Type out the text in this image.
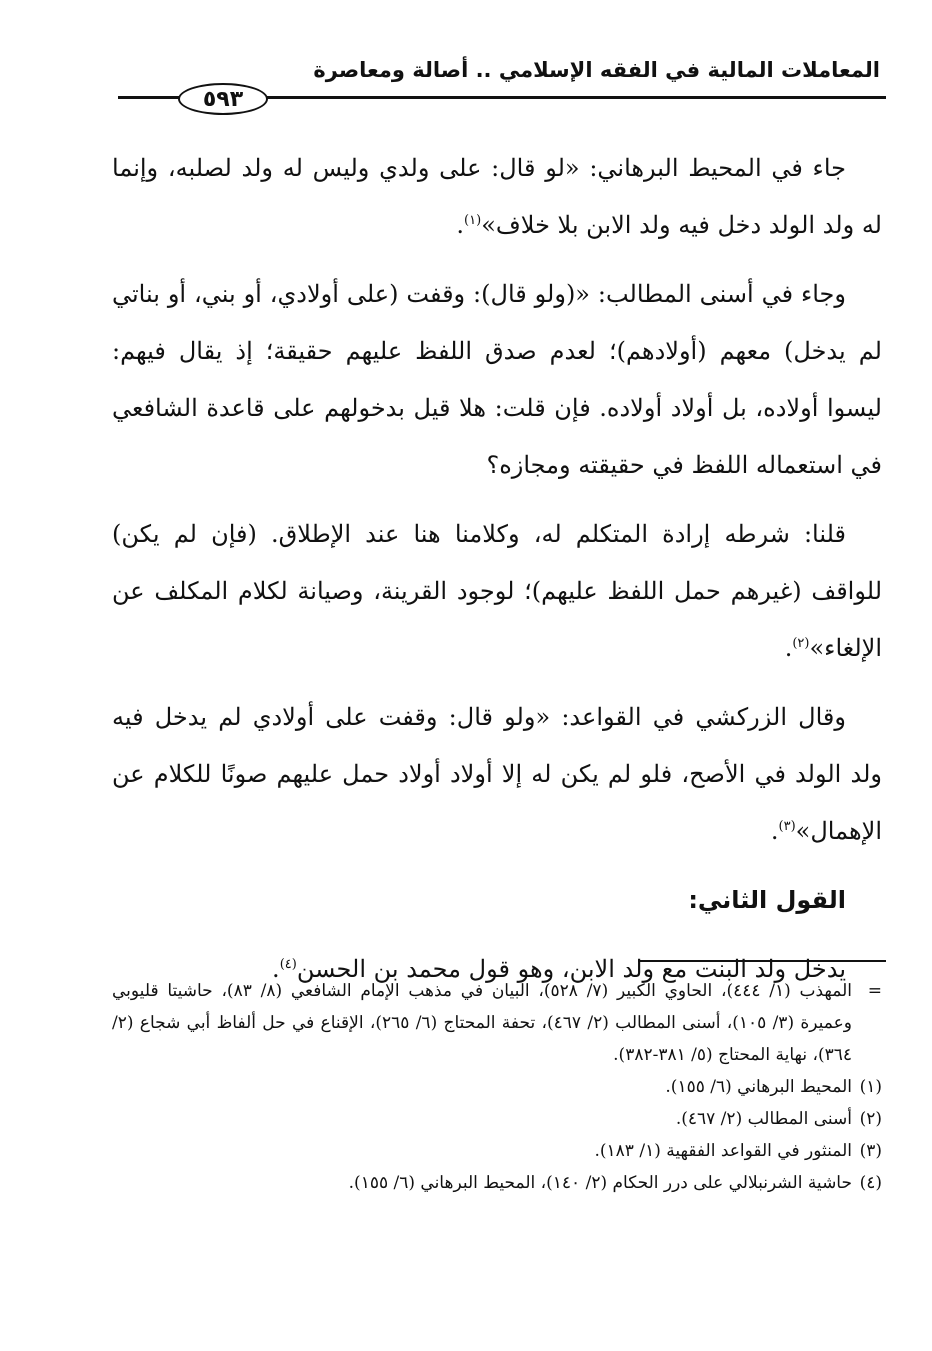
المعاملات المالية في الفقه الإسلامي .. أصالة ومعاصرة
٥٩٣

جاء في المحيط البرهاني: «لو قال: على ولدي وليس له ولد لصلبه، وإنما له ولد الولد دخل فيه ولد الابن بلا خلاف»$^{(١)}$.

وجاء في أسنى المطالب: «(ولو قال): وقفت (على أولادي، أو بني، أو بناتي لم يدخل) معهم (أولادهم)؛ لعدم صدق اللفظ عليهم حقيقة؛ إذ يقال فيهم: ليسوا أولاده، بل أولاد أولاده. فإن قلت: هلا قيل بدخولهم على قاعدة الشافعي في استعماله اللفظ في حقيقته ومجازه؟

قلنا: شرطه إرادة المتكلم له، وكلامنا هنا عند الإطلاق. (فإن لم يكن) للواقف (غيرهم حمل اللفظ عليهم)؛ لوجود القرينة، وصيانة لكلام المكلف عن الإلغاء»$^{(٢)}$.

وقال الزركشي في القواعد: «ولو قال: وقفت على أولادي لم يدخل فيه ولد الولد في الأصح، فلو لم يكن له إلا أولاد أولاد حمل عليهم صونًا للكلام عن الإهمال»$^{(٣)}$.

القول الثاني:

يدخل ولد البنت مع ولد الابن، وهو قول محمد بن الحسن$^{(٤)}$.

=
المهذب (١/ ٤٤٤)، الحاوي الكبير (٧/ ٥٢٨)، البيان في مذهب الإمام الشافعي (٨/ ٨٣)، حاشيتا قليوبي وعميرة (٣/ ١٠٥)، أسنى المطالب (٢/ ٤٦٧)، تحفة المحتاج (٦/ ٢٦٥)، الإقناع في حل ألفاظ أبي شجاع (٢/ ٣٦٤)، نهاية المحتاج (٥/ ٣٨١-٣٨٢).

(١)
المحيط البرهاني (٦/ ١٥٥).

(٢)
أسنى المطالب (٢/ ٤٦٧).

(٣)
المنثور في القواعد الفقهية (١/ ١٨٣).

(٤)
حاشية الشرنبلالي على درر الحكام (٢/ ١٤٠)، المحيط البرهاني (٦/ ١٥٥).
